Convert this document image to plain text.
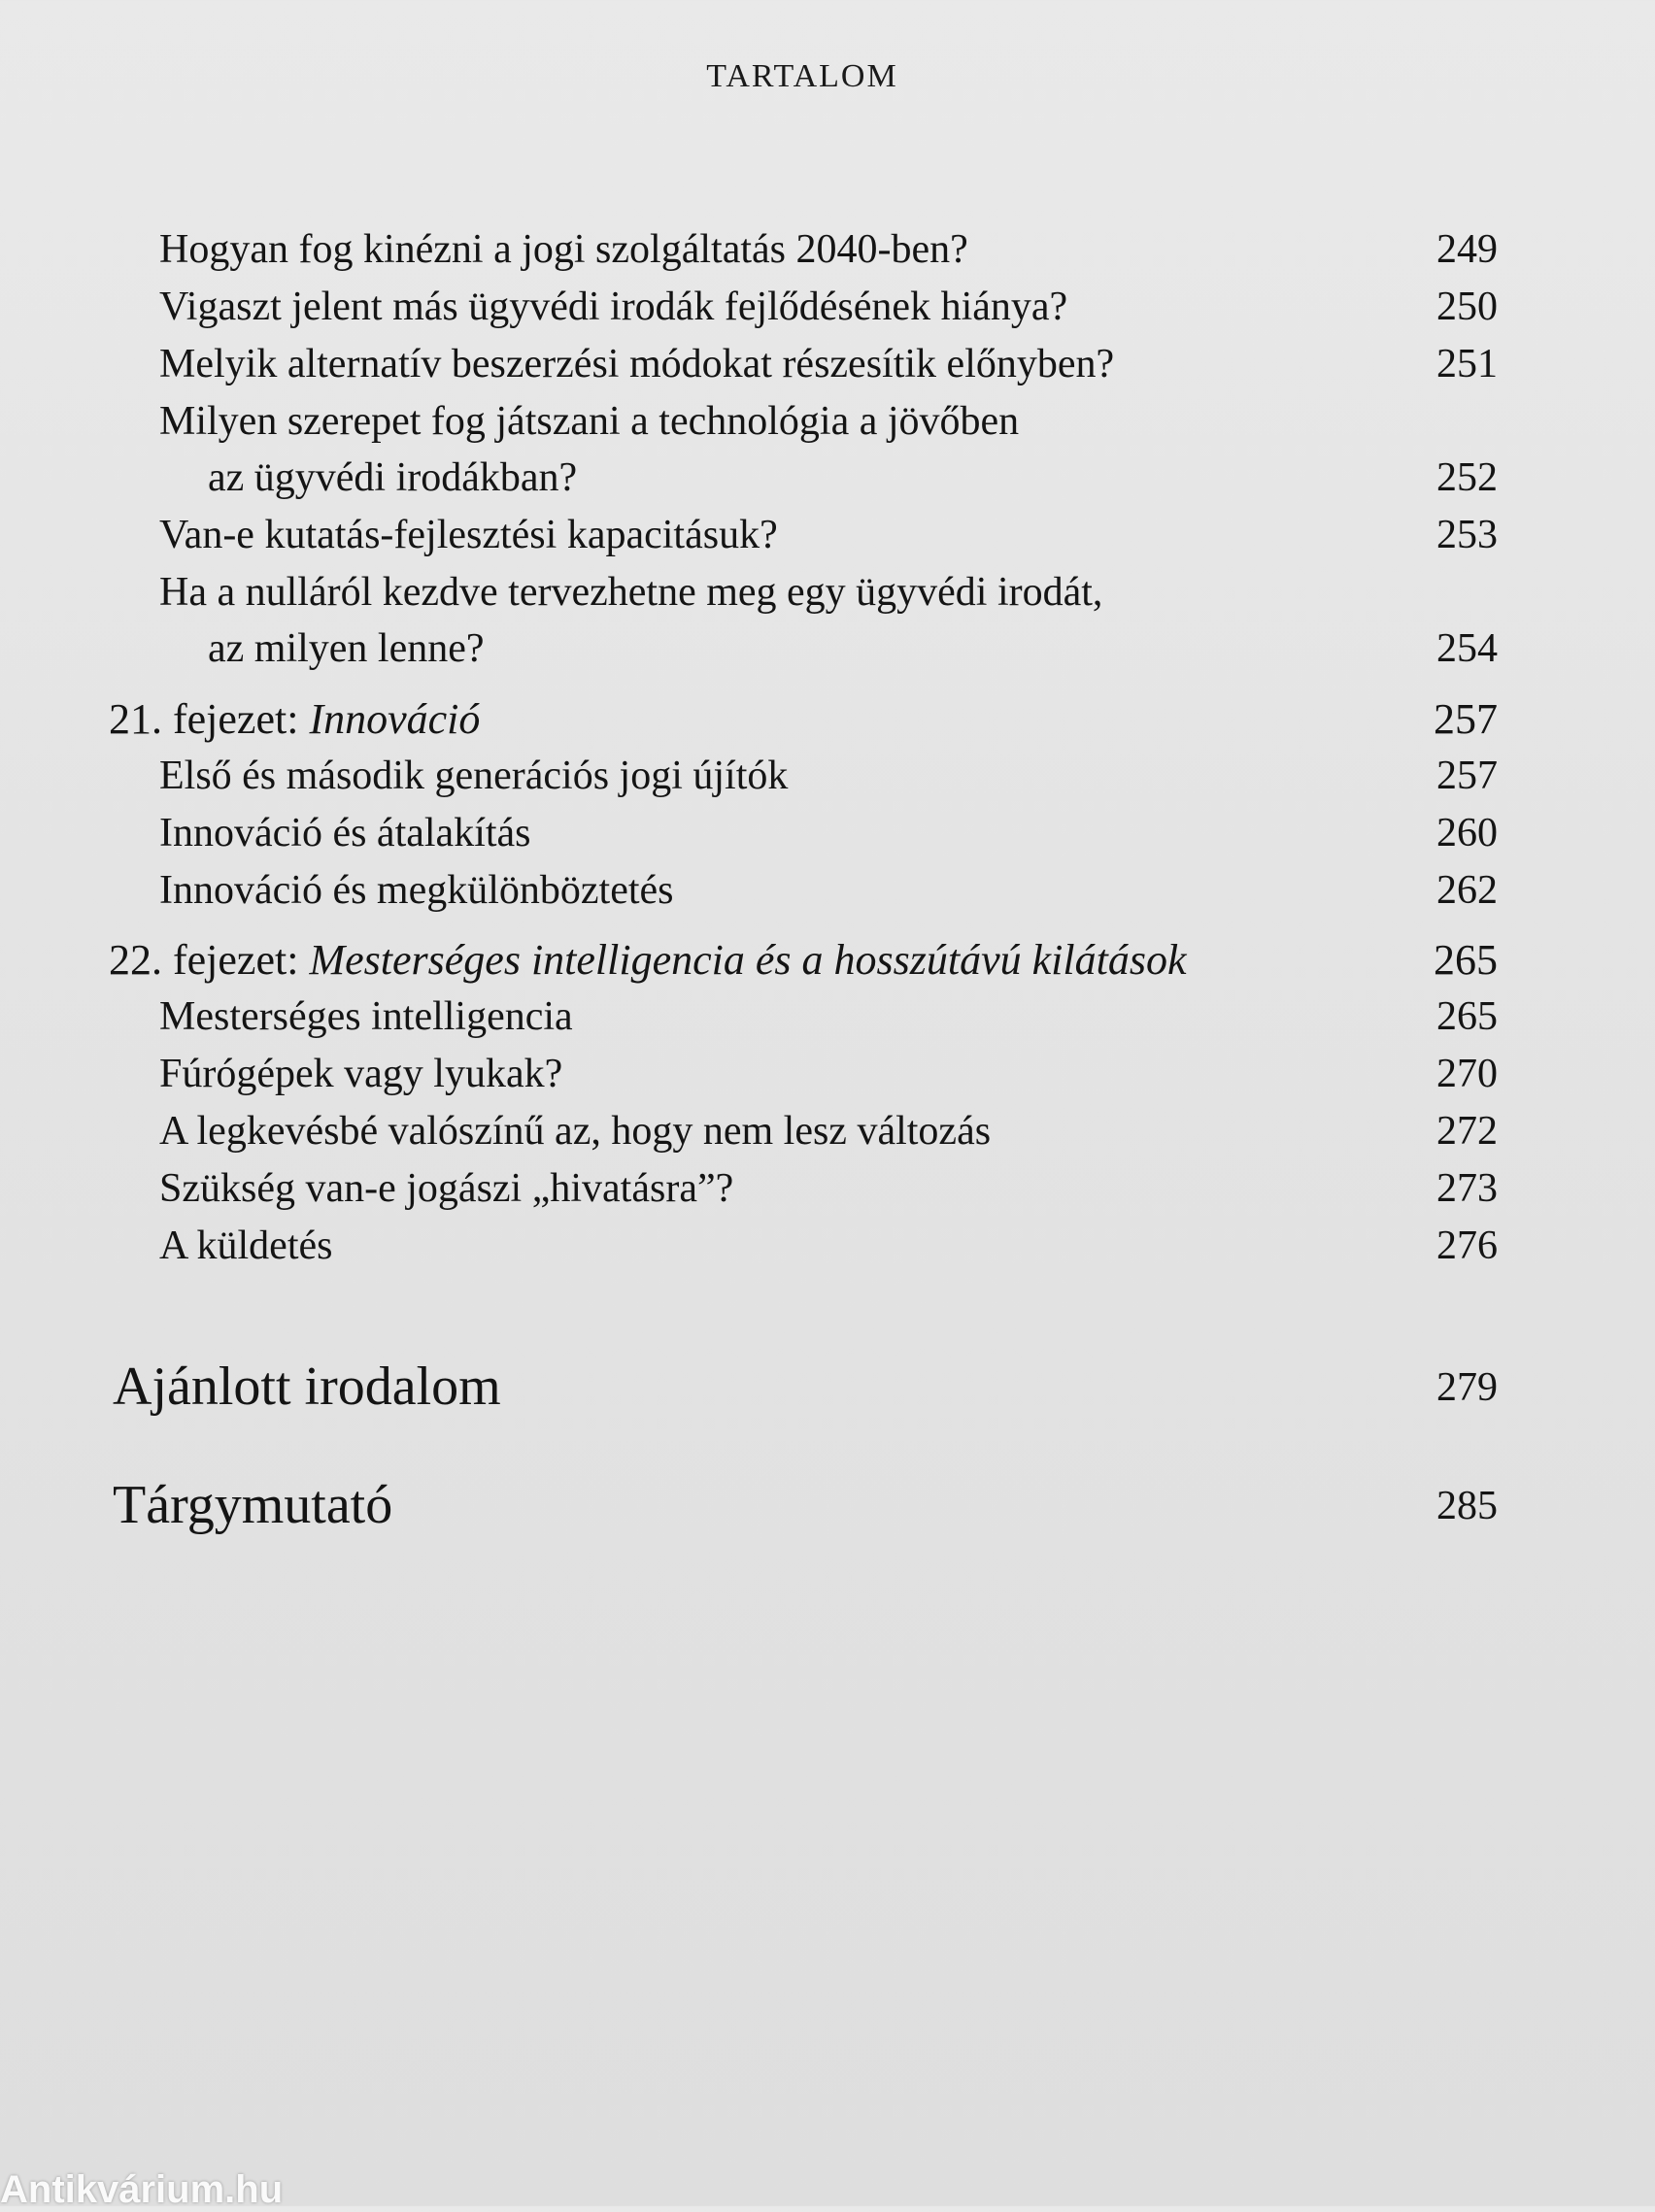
TARTALOM
Hogyan fog kinézni a jogi szolgáltatás 2040-ben?	249
Vigaszt jelent más ügyvédi irodák fejlődésének hiánya?	250
Melyik alternatív beszerzési módokat részesítik előnyben?	251
Milyen szerepet fog játszani a technológia a jövőben
az ügyvédi irodákban?	252
Van-e kutatás-fejlesztési kapacitásuk?	253
Ha a nulláról kezdve tervezhetne meg egy ügyvédi irodát,
az milyen lenne?	254
21. fejezet: Innováció	257
Első és második generációs jogi újítók	257
Innováció és átalakítás	260
Innováció és megkülönböztetés	262
22. fejezet: Mesterséges intelligencia és a hosszútávú kilátások	265
Mesterséges intelligencia	265
Fúrógépek vagy lyukak?	270
A legkevésbé valószínű az, hogy nem lesz változás	272
Szükség van-e jogászi „hivatásra”?	273
A küldetés	276
Ajánlott irodalom	279
Tárgymutató	285
Antikvárium.hu
